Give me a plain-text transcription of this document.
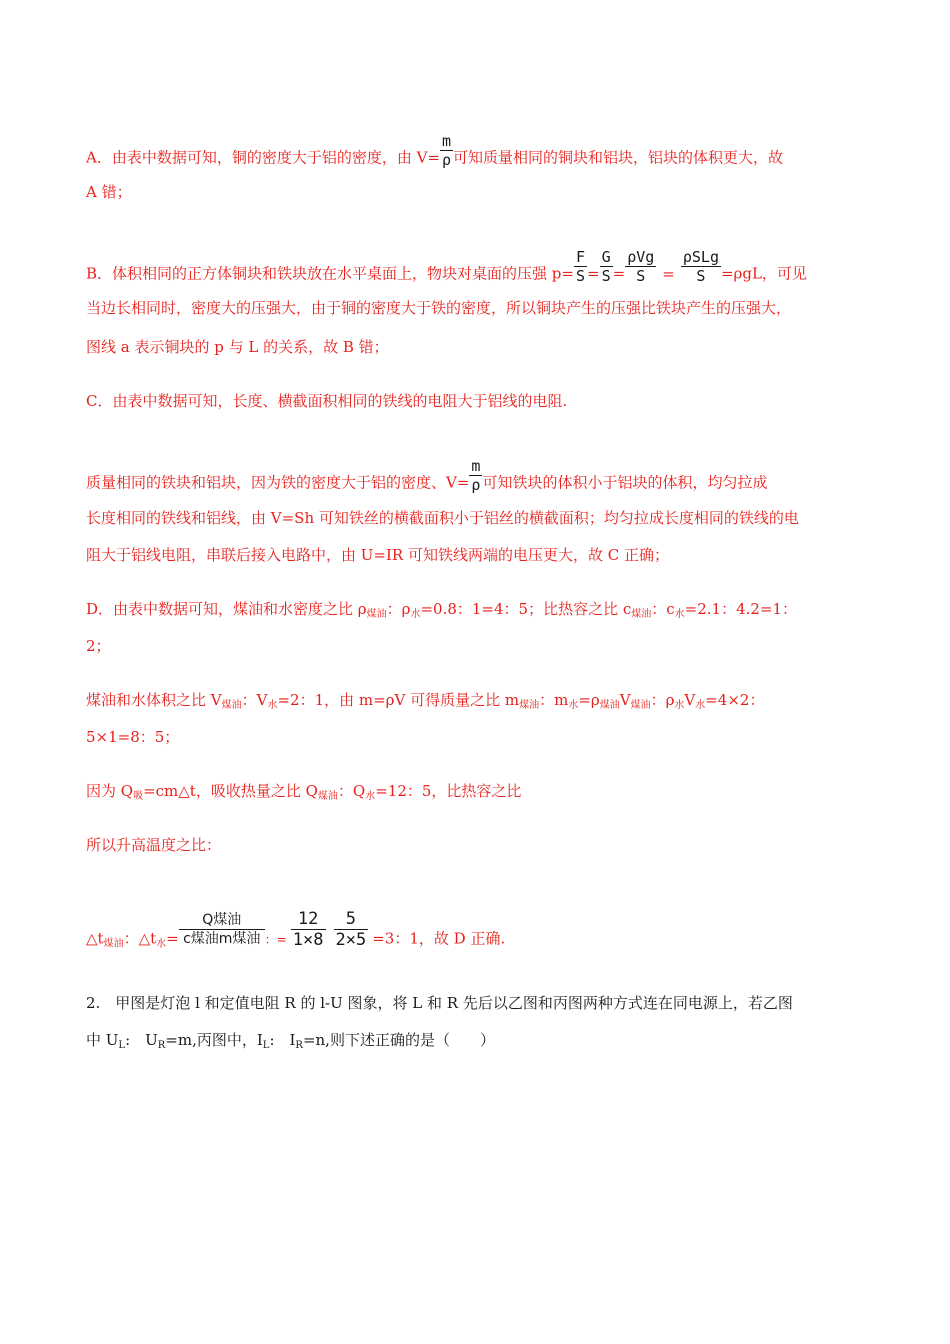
A．由表中数据可知，铜的密度大于铝的密度，由 $V= \frac{m}{\rho}$ 可知质量相同的铜块和铝块，铝块的体积更大，故
A 错；
B．体积相同的正方体铜块和铁块放在水平桌面上，物块对桌面的压强 $p= \frac{F}{S} = \frac{G}{S} = \frac{\text{ρVg}}{S} = \frac{\text{ρSLg}}{S} =\rho gL$，可见
当边长相同时，密度大的压强大，由于铜的密度大于铁的密度，所以铜块产生的压强比铁块产生的压强大，
图线 a 表示铜块的 p 与 L 的关系，故 B 错；
C．由表中数据可知，长度、横截面积相同的铁线的电阻大于铝线的电阻.
质量相同的铁块和铝块，因为铁的密度大于铝的密度、$V= \frac{m}{\rho}$ 可知铁块的体积小于铝块的体积，均匀拉成
长度相同的铁线和铝线，由 V=Sh 可知铁丝的横截面积小于铝丝的横截面积；均匀拉成长度相同的铁线的电
阻大于铝线电阻，串联后接入电路中，由 U=IR 可知铁线两端的电压更大，故 C 正确；
D．由表中数据可知，煤油和水密度之比 $\rho_{煤油}$：$\rho_水=0.8$：1=4：5；比热容之比 $c_{煤油}$：$c_水=2.1$：4.2=1：
2；
煤油和水体积之比 $V_{煤油}$：$V_水=2$：1，由 m=ρV 可得质量之比 $m_{煤油}$：$m_水=\rho_{煤油}V_{煤油}$：$\rho_水V_水=4\times 2$：
5×1=8：5；
因为 $Q_吸=cm\triangle t$，吸收热量之比 $Q_{煤油}$：$Q_水=12$：5，比热容之比
所以升高温度之比：
$\triangle t_{煤油}$：$\triangle t_水= \frac{\text{Q煤油}}{\text{c煤油m煤油}}$ ：= $\frac{12}{1\times 8} \frac{5}{2\times 5} =3$：1，故 D 正确.
2.　甲图是灯泡 l 和定值电阻 R 的 l-U 图象，将 L 和 R 先后以乙图和丙图两种方式连在同电源上，若乙图
中 $U_L$:　$U_R=m$,丙图中，$I_L$:　$I_R=n$,则下述正确的是（　　）
